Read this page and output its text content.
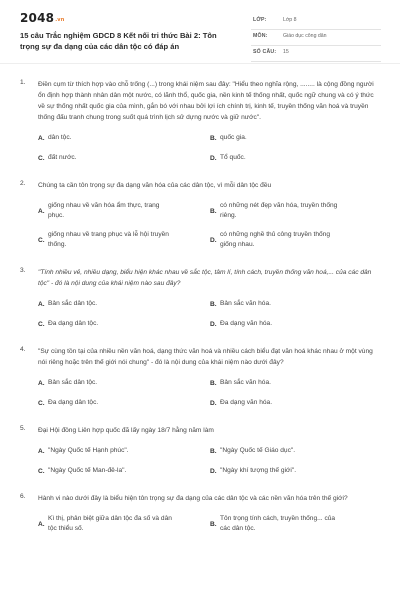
2048.vn
15 câu Trắc nghiệm GDCD 8 Kết nối tri thức Bài 2: Tôn trọng sự đa dạng của các dân tộc có đáp án
LỚP:	Lớp 8
MÔN:	Giáo dục công dân
SỐ CÂU: 15
1. Điền cụm từ thích hợp vào chỗ trống (...) trong khái niệm sau đây: "Hiểu theo nghĩa rộng, ........ là cộng đồng người ổn định hợp thành nhân dân một nước, có lãnh thổ, quốc gia, nền kinh tế thống nhất, quốc ngữ chung và có ý thức về sự thống nhất quốc gia của mình, gắn bó với nhau bởi lợi ích chính trị, kinh tế, truyền thống văn hoá và truyền thống đấu tranh chung trong suốt quá trình lịch sử dựng nước và giữ nước".
A. dân tộc.	B. quốc gia.
C. đất nước.	D. Tổ quốc.
2. Chúng ta cần tôn trọng sự đa dạng văn hóa của các dân tộc, vì mỗi dân tộc đều
A.
giống nhau về văn hóa ẩm thực, trang phục.
B.
có những nét đẹp văn hóa, truyền thống riêng.
C.
giống nhau về trang phục và lễ hội truyền thống.
D.
có những nghề thủ công truyền thống giống nhau.
3. "Tính nhiều vẻ, nhiều dạng, biểu hiện khác nhau về sắc tộc, tâm lí, tính cách, truyền thống văn hoá,... của các dân tộc" - đó là nội dung của khái niệm nào sau đây?
A. Bản sắc dân tộc.	B. Bản sắc văn hóa.
C. Đa dạng dân tộc.	D. Đa dạng văn hóa.
4. "Sự cùng tồn tại của nhiều nền văn hoá, dạng thức văn hoá và nhiều cách biểu đạt văn hoá khác nhau ở một vùng nói riêng hoặc trên thế giới nói chung" - đó là nội dung của khái niệm nào dưới đây?
A. Bản sắc dân tộc.	B. Bản sắc văn hóa.
C. Đa dạng dân tộc.	D. Đa dạng văn hóa.
5. Đại Hội đồng Liên hợp quốc đã lấy ngày 18/7 hằng năm làm
A. "Ngày Quốc tế Hạnh phúc".	B. "Ngày Quốc tế Giáo dục".
C. "Ngày Quốc tế Man-đê-la".	D. "Ngày khí tượng thế giới".
6. Hành vi nào dưới đây là biểu hiện tôn trọng sự đa dạng của các dân tộc và các nền văn hóa trên thế giới?
A.
Kì thị, phân biệt giữa dân tộc đa số và dân tộc thiểu số.
B.
Tôn trọng tính cách, truyền thống... của các dân tộc.
